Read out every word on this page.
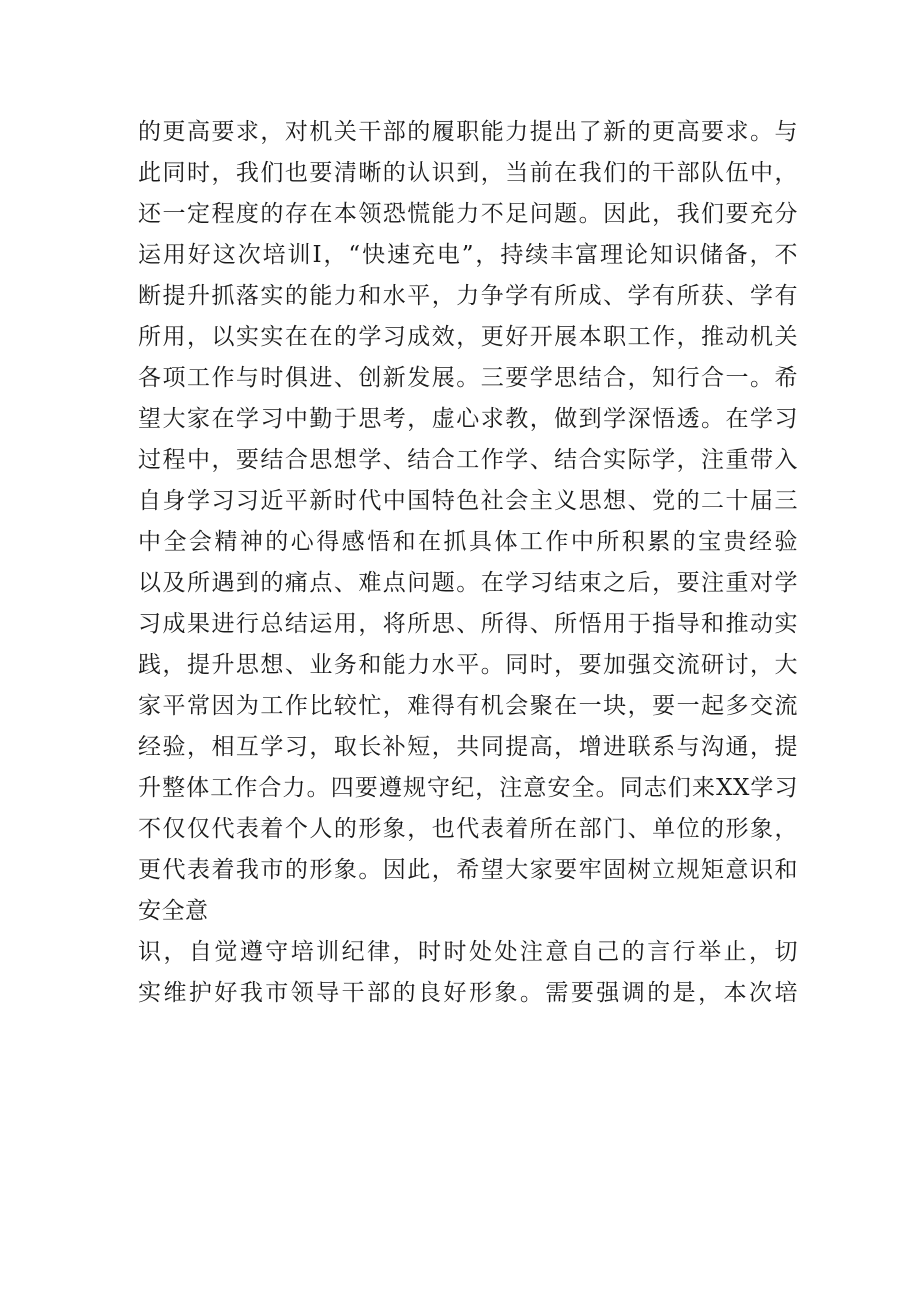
的更高要求，对机关干部的履职能力提出了新的更高要求。与
此同时，我们也要清晰的认识到，当前在我们的干部队伍中，
还一定程度的存在本领恐慌能力不足问题。因此，我们要充分
运用好这次培训I，“快速充电”，持续丰富理论知识储备，不
断提升抓落实的能力和水平，力争学有所成、学有所获、学有
所用，以实实在在的学习成效，更好开展本职工作，推动机关
各项工作与时俱进、创新发展。三要学思结合，知行合一。希
望大家在学习中勤于思考，虚心求教，做到学深悟透。在学习
过程中，要结合思想学、结合工作学、结合实际学，注重带入
自身学习习近平新时代中国特色社会主义思想、党的二十届三
中全会精神的心得感悟和在抓具体工作中所积累的宝贵经验
以及所遇到的痛点、难点问题。在学习结束之后，要注重对学
习成果进行总结运用，将所思、所得、所悟用于指导和推动实
践，提升思想、业务和能力水平。同时，要加强交流研讨，大
家平常因为工作比较忙，难得有机会聚在一块，要一起多交流
经验，相互学习，取长补短，共同提高，增进联系与沟通，提
升整体工作合力。四要遵规守纪，注意安全。同志们来XX学习
不仅仅代表着个人的形象，也代表着所在部门、单位的形象，
更代表着我市的形象。因此，希望大家要牢固树立规矩意识和
安全意
识，自觉遵守培训纪律，时时处处注意自己的言行举止，切
实维护好我市领导干部的良好形象。需要强调的是，本次培
